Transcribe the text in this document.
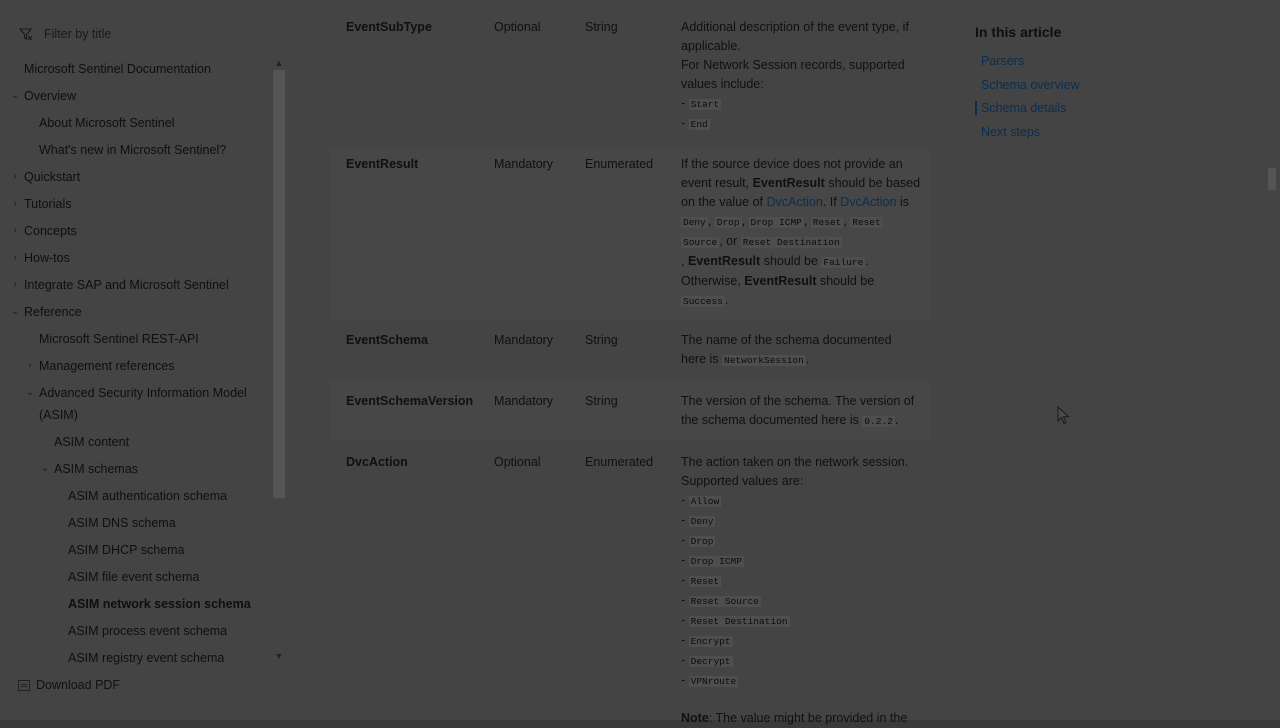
Filter by title
Microsoft Sentinel Documentation
⌄ Overview
About Microsoft Sentinel
What's new in Microsoft Sentinel?
› Quickstart
› Tutorials
› Concepts
› How-tos
› Integrate SAP and Microsoft Sentinel
⌄ Reference
Microsoft Sentinel REST-API
› Management references
⌄ Advanced Security Information Model
(ASIM)
ASIM content
⌄ ASIM schemas
ASIM authentication schema
ASIM DNS schema
ASIM DHCP schema
ASIM file event schema
ASIM network session schema
ASIM process event schema
ASIM registry event schema
▲
▼
Download PDF
EventSubType	Optional	String	Additional description of the event type, if
applicable.
For Network Session records, supported
values include:
- Start
- End
EventResult	Mandatory	Enumerated If the source device does not provide an
event result, EventResult should be based
on the value of DvcAction. If DvcAction is
Deny , Drop , Drop ICMP , Reset , Reset
Source , or Reset Destination
, EventResult should be Failure .
Otherwise, EventResult should be
Success .
EventSchema	Mandatory	String	The name of the schema documented
here is NetworkSession .
EventSchemaVersion Mandatory	String	The version of the schema. The version of
the schema documented here is 0.2.2 .
DvcAction	Optional	Enumerated The action taken on the network session.
Supported values are:
- Allow
- Deny
- Drop
- Drop ICMP
- Reset
- Reset Source
- Reset Destination
- Encrypt
- Decrypt
- VPNroute
Note: The value might be provided in the
In this article
Parsers
Schema overview
Schema details
Next steps
